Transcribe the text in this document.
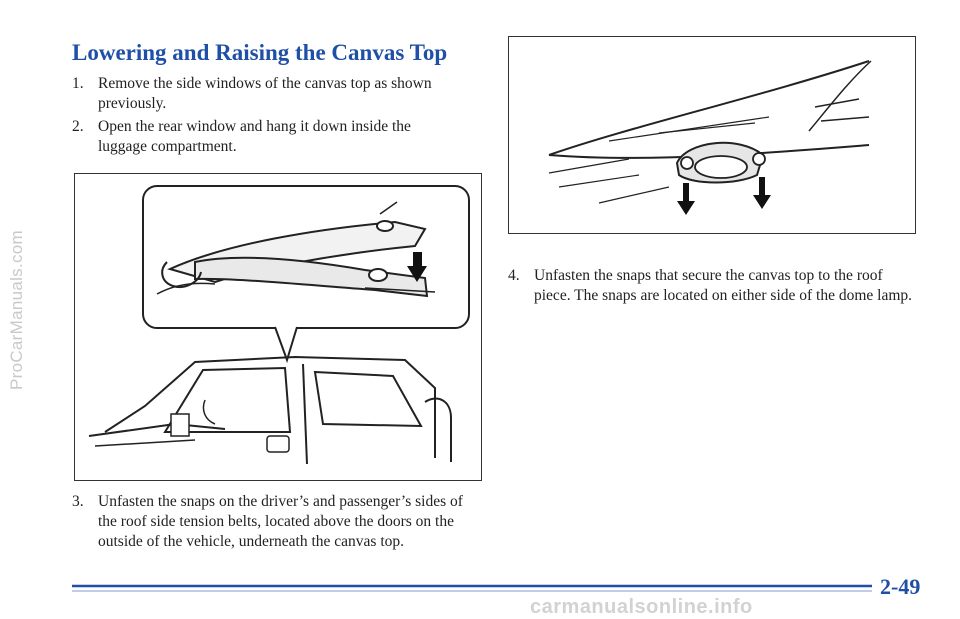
ProCarManuals.com
Lowering and Raising the Canvas Top
1. Remove the side windows of the canvas top as shown previously.
2. Open the rear window and hang it down inside the luggage compartment.
3. Unfasten the snaps on the driver’s and passenger’s sides of the roof side tension belts, located above the doors on the outside of the vehicle, underneath the canvas top.
4. Unfasten the snaps that secure the canvas top to the roof piece. The snaps are located on either side of the dome lamp.

2-49

carmanualsonline.info
